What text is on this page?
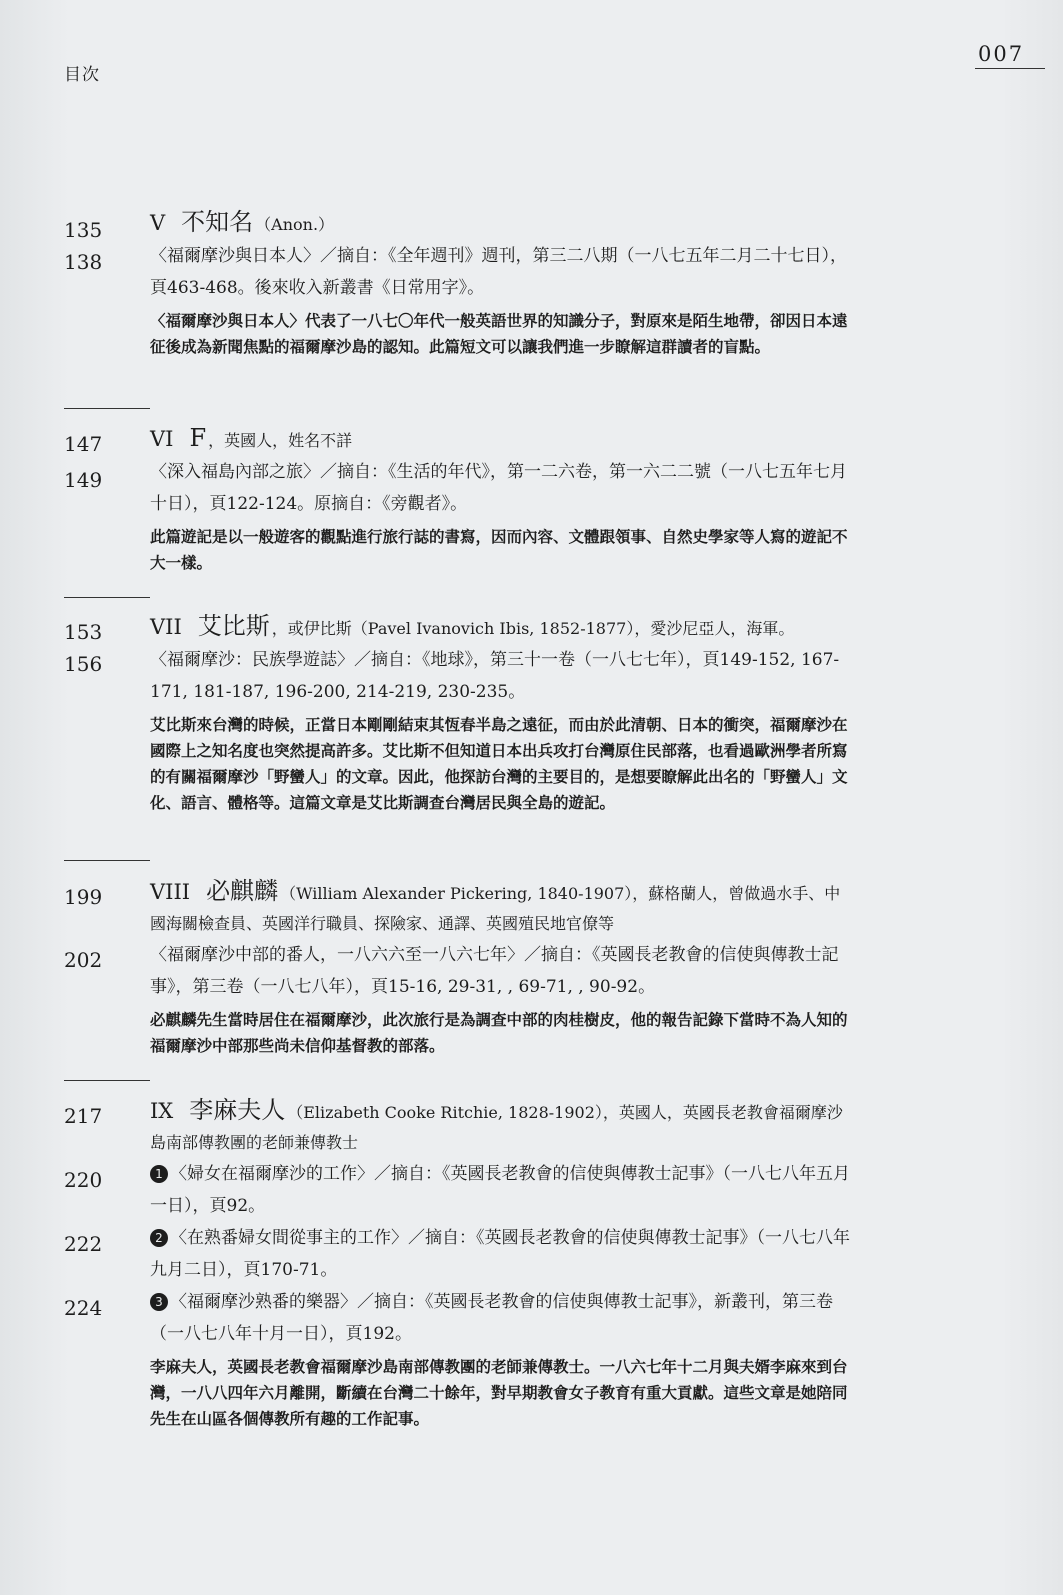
目次
007
135
138
V 不知名 （Anon.）

〈福爾摩沙與日本人〉／摘自：《全年週刊》週刊，第三二八期（一八七五年二月二十七日），頁463-468。後來收入新叢書《日常用字》。

〈福爾摩沙與日本人〉代表了一八七〇年代一般英語世界的知識分子，對原來是陌生地帶，卻因日本遠征後成為新聞焦點的福爾摩沙島的認知。此篇短文可以讓我們進一步瞭解這群讀者的盲點。

147
149
VI F ，英國人，姓名不詳

〈深入福島內部之旅〉／摘自：《生活的年代》，第一二六卷，第一六二二號（一八七五年七月十日），頁122-124。原摘自：《旁觀者》。

此篇遊記是以一般遊客的觀點進行旅行誌的書寫，因而內容、文體跟領事、自然史學家等人寫的遊記不大一樣。

153
156
VII 艾比斯 ，或伊比斯（Pavel Ivanovich Ibis, 1852-1877），愛沙尼亞人，海軍。

〈福爾摩沙：民族學遊誌〉／摘自：《地球》，第三十一卷（一八七七年），頁149-152, 167-171, 181-187, 196-200, 214-219, 230-235。

艾比斯來台灣的時候，正當日本剛剛結束其恆春半島之遠征，而由於此清朝、日本的衝突，福爾摩沙在國際上之知名度也突然提高許多。艾比斯不但知道日本出兵攻打台灣原住民部落，也看過歐洲學者所寫的有關福爾摩沙「野蠻人」的文章。因此，他探訪台灣的主要目的，是想要瞭解此出名的「野蠻人」文化、語言、體格等。這篇文章是艾比斯調查台灣居民與全島的遊記。

199
202
VIII 必麒麟 （William Alexander Pickering, 1840-1907），蘇格蘭人，曾做過水手、中國海關檢查員、英國洋行職員、探險家、通譯、英國殖民地官僚等

〈福爾摩沙中部的番人，一八六六至一八六七年〉／摘自：《英國長老教會的信使與傳教士記事》，第三卷（一八七八年），頁15-16, 29-31, , 69-71, , 90-92。

必麒麟先生當時居住在福爾摩沙，此次旅行是為調查中部的肉桂樹皮，他的報告記錄下當時不為人知的福爾摩沙中部那些尚未信仰基督教的部落。

217
220
222
224
IX 李麻夫人 （Elizabeth Cooke Ritchie, 1828-1902），英國人，英國長老教會福爾摩沙島南部傳教團的老師兼傳教士

1 〈婦女在福爾摩沙的工作〉／摘自：《英國長老教會的信使與傳教士記事》（一八七八年五月一日），頁92。

2 〈在熟番婦女間從事主的工作〉／摘自：《英國長老教會的信使與傳教士記事》（一八七八年九月二日），頁170-71。

3 〈福爾摩沙熟番的樂器〉／摘自：《英國長老教會的信使與傳教士記事》，新叢刊，第三卷（一八七八年十月一日），頁192。

李麻夫人，英國長老教會福爾摩沙島南部傳教團的老師兼傳教士。一八六七年十二月與夫婿李麻來到台灣，一八八四年六月離開，斷續在台灣二十餘年，對早期教會女子教育有重大貢獻。這些文章是她陪同先生在山區各個傳教所有趣的工作記事。
